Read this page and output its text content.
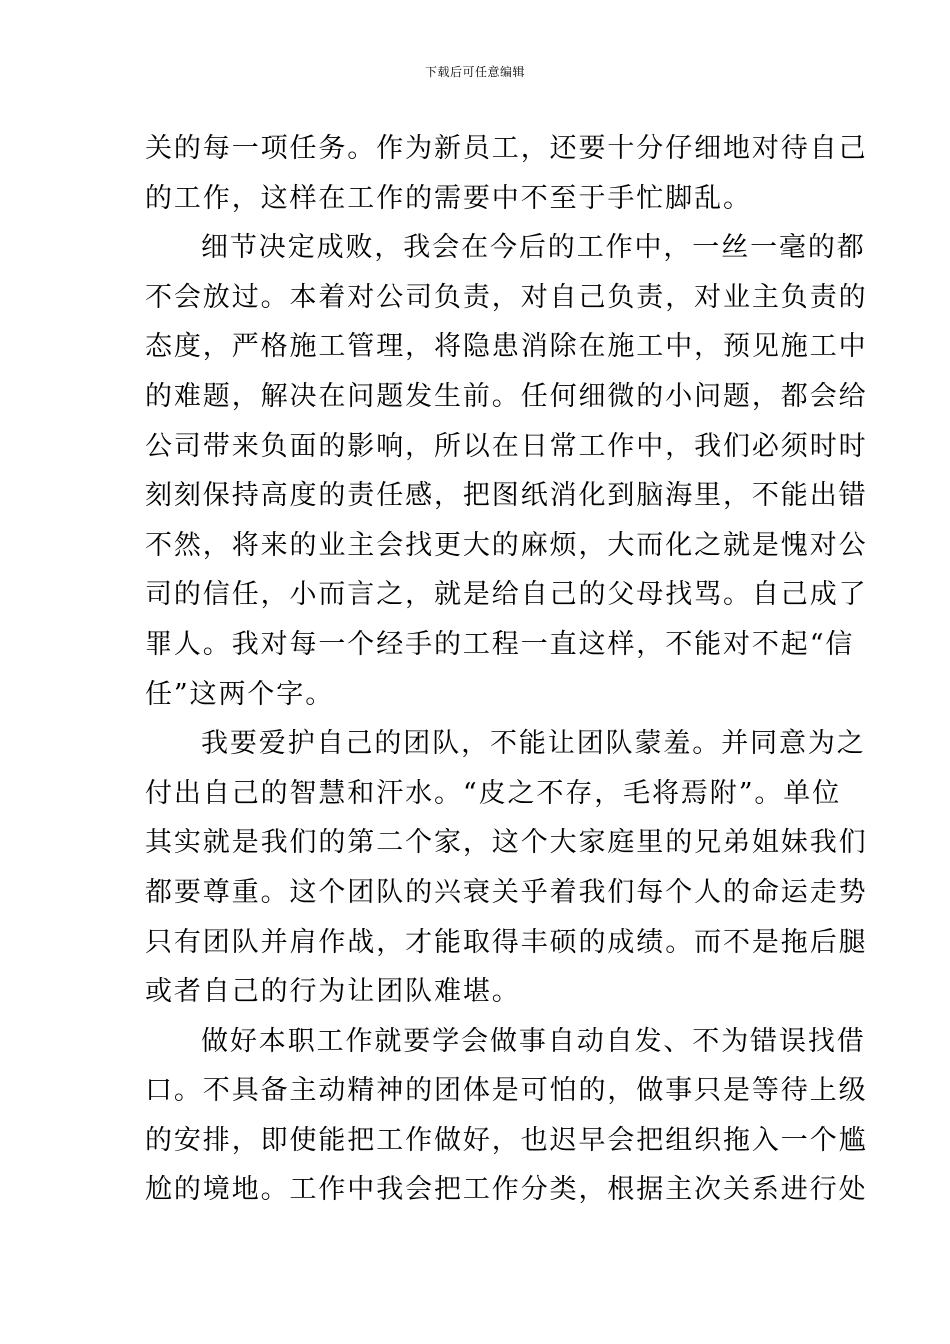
下载后可任意编辑
关的每一项任务。作为新员工，还要十分仔细地对待自己
的工作，这样在工作的需要中不至于手忙脚乱。
细节决定成败，我会在今后的工作中，一丝一毫的都
不会放过。本着对公司负责，对自己负责，对业主负责的
态度，严格施工管理，将隐患消除在施工中，预见施工中
的难题，解决在问题发生前。任何细微的小问题，都会给
公司带来负面的影响，所以在日常工作中，我们必须时时
刻刻保持高度的责任感，把图纸消化到脑海里，不能出错
不然，将来的业主会找更大的麻烦，大而化之就是愧对公
司的信任，小而言之，就是给自己的父母找骂。自己成了
罪人。我对每一个经手的工程一直这样，不能对不起“信
任”这两个字。
我要爱护自己的团队，不能让团队蒙羞。并同意为之
付出自己的智慧和汗水。“皮之不存，毛将焉附”。单位
其实就是我们的第二个家，这个大家庭里的兄弟姐妹我们
都要尊重。这个团队的兴衰关乎着我们每个人的命运走势
只有团队并肩作战，才能取得丰硕的成绩。而不是拖后腿
或者自己的行为让团队难堪。
做好本职工作就要学会做事自动自发、不为错误找借
口。不具备主动精神的团体是可怕的，做事只是等待上级
的安排，即使能把工作做好，也迟早会把组织拖入一个尴
尬的境地。工作中我会把工作分类，根据主次关系进行处
